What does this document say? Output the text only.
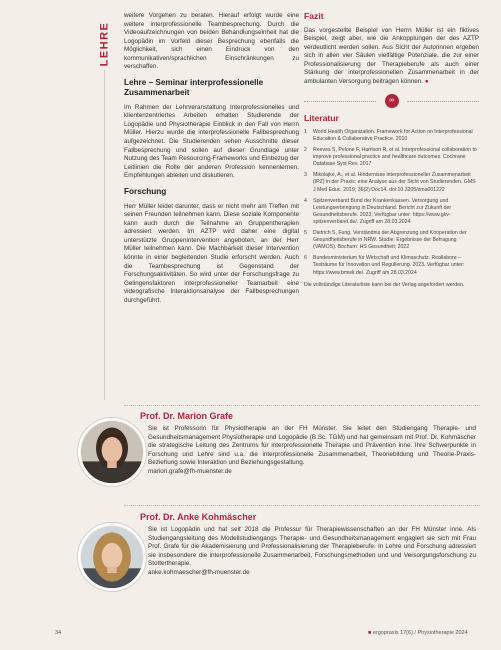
LEHRE

weitere Vorgehen zu beraten. Hierauf erfolgt wurde eine weitere interprofessionelle Teambesprechung. Durch die Videoaufzeichnungen von beiden Behandlungseinheit hat die Logopädin im Vorfeld dieser Besprechung ebenfalls die Möglichkeit, sich einen Eindruck von den kommunikativen/sprachlichen Einschränkungen zu verschaffen.

Lehre – Seminar interprofessionelle Zusammenarbeit

Im Rahmen der Lehrveranstaltung Interprofessionelles und klientenzentriertes Arbeiten erhalten Studierende der Logopädie und Physiotherapie Einblick in den Fall von Herrn Müller. Hierzu wurde die interprofessionelle Fallbesprechung aufgezeichnet. Die Studierenden sehen Ausschnitte dieser Fallbesprechung und sollen auf dieser Grundlage unter Nutzung des Team Resourcing-Frameworks und Einbezug der Leitlinien die Rolle der anderen Profession kennenlernen. Empfehlungen ableiten und diskutieren.

Forschung

Herr Müller leidet darunter, dass er nicht mehr am Treffen mit seinen Freunden teilnehmen kann. Diese soziale Komponente kann auch durch die Teilnahme an Gruppentherapien adressiert werden. Im AZTP wird daher eine digital unterstützte Gruppenintervention angeboten, an der Herr Müller teilnehmen kann. Die Machbarkeit dieser Intervention könnte in einer begleitenden Studie erforscht werden. Auch die Teambesprechung ist Gegenstand der Forschungsaktivitäten. So wird unter der Forschungsfrage zu Gelingensfaktoren interprofessioneller Teamarbeit eine videografische Interaktionsanalyse der Fallbesprechungen durchgeführt.

Fazit

Das vorgestellte Beispiel von Herrn Müller ist ein fiktives Beispiel, zeigt aber, wie die Ankopplungen der des AZTP verdeutlicht werden sollen. Aus Sicht der Autorinnen ergeben sich in allen vier Säulen vielfältige Potenziale, die zur einer Professionalisierung der Therapieberufe als auch einer Stärkung der interprofessionellen Zusammenarbeit in der ambulanten Versorgung beitragen können. ●

∞
Literatur
1	World Health Organization. Framework for Action on Interprofessional Education & Collaborative Practice. 2010
2	Reeves S, Pelone F, Harrison R, et al. Interprofessional collaboration to improve professional practice and healthcare outcomes. Cochrane Database Syst Rev. 2017
3	Mikolajke, A., et al. Hindernisse interprofessioneller Zusammenarbeit (IPZ) in der Praxis: eine Analyse aus der Sicht von Studierenden. GMS J Med Educ. 2019; 36(2):Doc14. doi:10.3205/zma001222
4	Spitzenverband Bund der Krankenkassen. Versorgung und Leistungserbringung in Deutschland. Bericht zur Zukunft der Gesundheitsberufe. 2023; Verfügbar unter: https://www.gkv-spitzenverband.de/. Zugriff am 28.03.2024
5	Dietrich S, Fung. Verständnis der Abgrenzung und Kooperation der Gesundheitsberufe in NRW. Studie: Ergebnisse der Befragung (VAMOS). Bochum: HS Gesundheit; 2022
6	Bundesministerium für Wirtschaft und Klimaschutz. Reallabore – Testräume für Innovation und Regulierung. 2023. Verfügbar unter: https://www.bmwk.de/. Zugriff am 28.03.2024
Die vollständige Literaturliste kann bei der Verlag angefordert werden.
Prof. Dr. Marion Grafe
Sie ist Professorin für Physiotherapie an der FH Münster. Sie leitet den Studiengang Therapie- und Gesundheitsmanagement Physiotherapie und Logopädie (B.Sc. TGM) und hat gemeinsam mit Prof. Dr. Kohmäscher die strategische Leitung des Zentrums für interprofessionelle Therapie und Prävention inne. Ihre Schwerpunkte in Forschung und Lehre sind u.a. die interprofessionelle Zusammenarbeit, Theoriebildung und Theorie-Praxis-Beziehung sowie Interaktion und Beziehungsgestaltung.
marion.grafe@fh-muenster.de
Prof. Dr. Anke Kohmäscher
Sie ist Logopädin und hat seit 2018 die Professur für Therapiewissenschaften an der FH Münster inne. Als Studiengangsleitung des Modellstudiengangs Therapie- und Gesundheitsmanagement engagiert sie sich mit Frau Prof. Grafe für die Akademisierung und Professionalisierung der Therapieberufe. In Lehre und Forschung adressiert sie insbesondere die interprofessionelle Zusammenarbeit, Forschungsmethoden und und Versorgungsforschung zu Stottertherapie.
anke.kohmaescher@fh-muenster.de
34	■ ergopraxis 17(6) / Physiotherapie 2024
